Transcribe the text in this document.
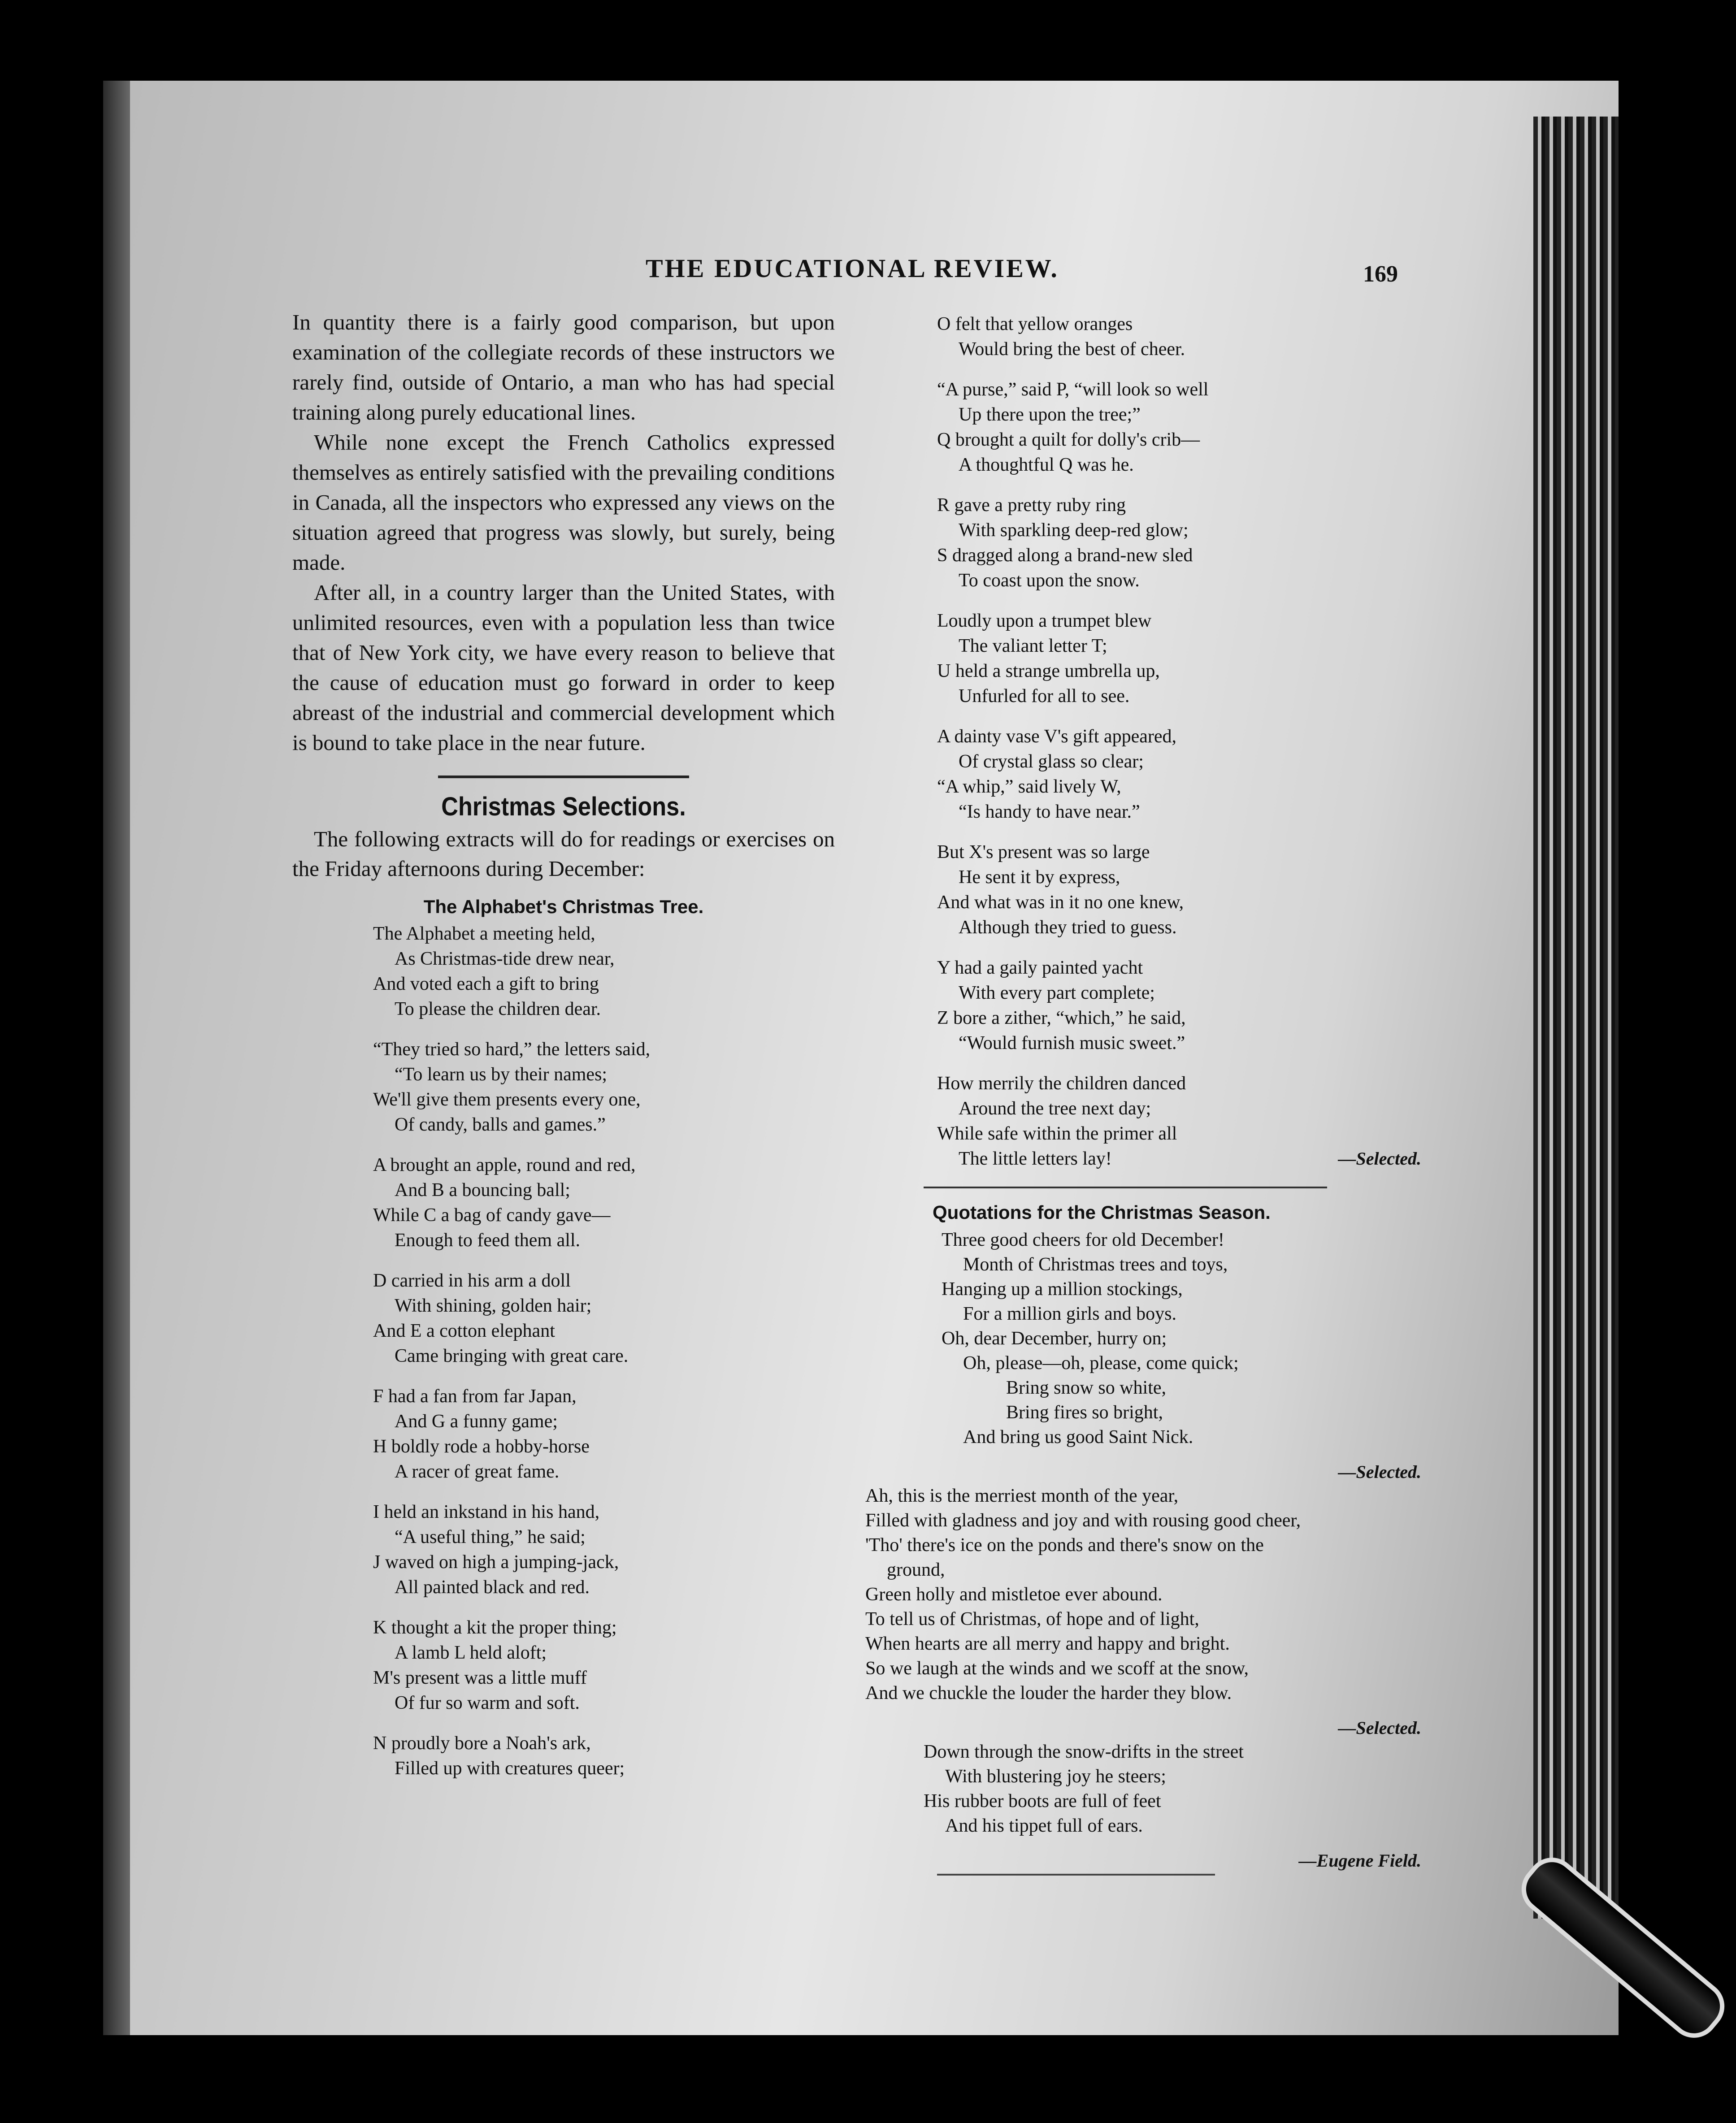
THE EDUCATIONAL REVIEW.	169

In quantity there is a fairly good comparison, but upon examination of the collegiate records of these instructors we rarely find, outside of Ontario, a man who has had special training along purely educational lines.

While none except the French Catholics expressed themselves as entirely satisfied with the prevailing conditions in Canada, all the inspectors who expressed any views on the situation agreed that progress was slowly, but surely, being made.

After all, in a country larger than the United States, with unlimited resources, even with a population less than twice that of New York city, we have every reason to believe that the cause of education must go forward in order to keep abreast of the industrial and commercial development which is bound to take place in the near future.

Christmas Selections.

The following extracts will do for readings or exercises on the Friday afternoons during December:

The Alphabet's Christmas Tree.
The Alphabet a meeting held,
As Christmas-tide drew near,
And voted each a gift to bring
To please the children dear.
“They tried so hard,” the letters said,
“To learn us by their names;
We'll give them presents every one,
Of candy, balls and games.”
A brought an apple, round and red,
And B a bouncing ball;
While C a bag of candy gave—
Enough to feed them all.
D carried in his arm a doll
With shining, golden hair;
And E a cotton elephant
Came bringing with great care.
F had a fan from far Japan,
And G a funny game;
H boldly rode a hobby-horse
A racer of great fame.
I held an inkstand in his hand,
“A useful thing,” he said;
J waved on high a jumping-jack,
All painted black and red.
K thought a kit the proper thing;
A lamb L held aloft;
M's present was a little muff
Of fur so warm and soft.
N proudly bore a Noah's ark,
Filled up with creatures queer;
O felt that yellow oranges
Would bring the best of cheer.
“A purse,” said P, “will look so well
Up there upon the tree;”
Q brought a quilt for dolly's crib—
A thoughtful Q was he.
R gave a pretty ruby ring
With sparkling deep-red glow;
S dragged along a brand-new sled
To coast upon the snow.
Loudly upon a trumpet blew
The valiant letter T;
U held a strange umbrella up,
Unfurled for all to see.
A dainty vase V's gift appeared,
Of crystal glass so clear;
“A whip,” said lively W,
“Is handy to have near.”
But X's present was so large
He sent it by express,
And what was in it no one knew,
Although they tried to guess.
Y had a gaily painted yacht
With every part complete;
Z bore a zither, “which,” he said,
“Would furnish music sweet.”
How merrily the children danced
Around the tree next day;
While safe within the primer all
—Selected.
The little letters lay!
Quotations for the Christmas Season.
Three good cheers for old December!
Month of Christmas trees and toys,
Hanging up a million stockings,
For a million girls and boys.
Oh, dear December, hurry on;
Oh, please—oh, please, come quick;
Bring snow so white,
Bring fires so bright,
And bring us good Saint Nick.
—Selected.
Ah, this is the merriest month of the year,
Filled with gladness and joy and with rousing good cheer,
'Tho' there's ice on the ponds and there's snow on the
ground,
Green holly and mistletoe ever abound.
To tell us of Christmas, of hope and of light,
When hearts are all merry and happy and bright.
So we laugh at the winds and we scoff at the snow,
And we chuckle the louder the harder they blow.
—Selected.
Down through the snow-drifts in the street
With blustering joy he steers;
His rubber boots are full of feet
And his tippet full of ears.
—Eugene Field.
